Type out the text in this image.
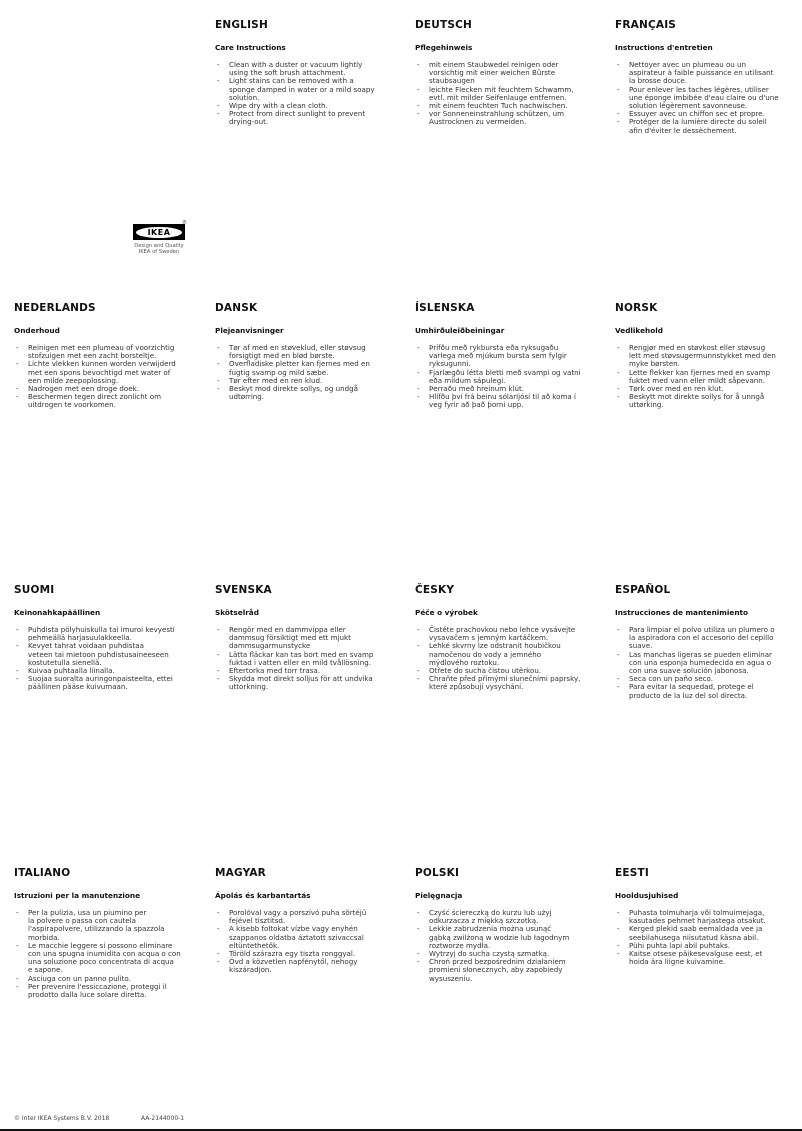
IKEA
®
Design and Quality
IKEA of Sweden
ENGLISH
Care Instructions
- Clean with a duster or vacuum lightly
using the soft brush attachment.
- Light stains can be removed with a
sponge damped in water or a mild soapy
solution.
- Wipe dry with a clean cloth.
- Protect from direct sunlight to prevent
drying-out.
DEUTSCH
Pflegehinweis
- mit einem Staubwedel reinigen oder
vorsichtig mit einer weichen Bürste
staubsaugen
- leichte Flecken mit feuchtem Schwamm,
evtl. mit milder Seifenlauge entfernen.
- mit einem feuchten Tuch nachwischen.
- vor Sonneneinstrahlung schützen, um
Austrocknen zu vermeiden.
FRANÇAIS
Instructions d'entretien
- Nettoyer avec un plumeau ou un
aspirateur à faible puissance en utilisant
la brosse douce.
- Pour enlever les taches légères, utiliser
une éponge imbibée d'eau claire ou d'une
solution légèrement savonneuse.
- Essuyer avec un chiffon sec et propre.
- Protéger de la lumière directe du soleil
afin d'éviter le dessèchement.
NEDERLANDS
Onderhoud
- Reinigen met een plumeau of voorzichtig
stofzuigen met een zacht borsteltje.
- Lichte vlekken kunnen worden verwijderd
met een spons bevochtigd met water of
een milde zeepoplossing.
- Nadrogen met een droge doek.
- Beschermen tegen direct zonlicht om
uitdrogen te voorkomen.
DANSK
Plejeanvisninger
- Tør af med en støveklud, eller støvsug
forsigtigt med en blød børste.
- Overfladiske pletter kan fjernes med en
fugtig svamp og mild sæbe.
- Tør efter med en ren klud.
- Beskyt mod direkte sollys, og undgå
udtørring.
ÍSLENSKA
Umhirðuleiðbeiningar
- Þrífðu með rykbursta eða ryksugaðu
varlega með mjúkum bursta sem fylgir
ryksugunni.
- Fjarlægðu létta bletti með svampi og vatni
eða mildum sápulegi.
- Þerraðu með hreinum klút.
- Hlífðu því frá beinu sólarljósi til að koma í
veg fyrir að það þorni upp.
NORSK
Vedlikehold
- Rengjør med en støvkost eller støvsug
lett med støvsugermunnstykket med den
myke børsten.
- Lette flekker kan fjernes med en svamp
fuktet med vann eller mildt såpevann.
- Tørk over med en ren klut.
- Beskytt mot direkte sollys for å unngå
uttørking.
SUOMI
Keinonahkapäällinen
- Puhdista pölyhuiskulla tai imuroi kevyesti
pehmeällä harjasuulakkeella.
- Kevyet tahrat voidaan puhdistaa
veteen tai mietoon puhdistusaineeseen
kostutetulla sienellä.
- Kuivaa puhtaalla liinalla.
- Suojaa suoralta auringonpaisteelta, ettei
päällinen pääse kuivumaan.
SVENSKA
Skötselråd
- Rengör med en dammvippa eller
dammsug försiktigt med ett mjukt
dammsugarmunstycke
- Lätta fläckar kan tas bort med en svamp
fuktad i vatten eller en mild tvållösning.
- Eftertorka med torr trasa.
- Skydda mot direkt solljus för att undvika
uttorkning.
ČESKY
Péče o výrobek
- Čistěte prachovkou nebo lehce vysávejte
vysavačem s jemným kartáčkem.
- Lehké skvrny lze odstranit houbičkou
namočenou do vody a jemného
mýdlového roztoku.
- Otřete do sucha čistou utěrkou.
- Chraňte před přímými slunečními paprsky,
které způsobují vysychání.
ESPAÑOL
Instrucciones de mantenimiento
- Para limpiar el polvo utiliza un plumero o
la aspiradora con el accesorio del cepillo
suave.
- Las manchas ligeras se pueden eliminar
con una esponja humedecida en agua o
con una suave solución jabonosa.
- Seca con un paño seco.
- Para evitar la sequedad, protege el
producto de la luz del sol directa.
ITALIANO
Istruzioni per la manutenzione
- Per la pulizia, usa un piumino per
la polvere o passa con cautela
l'aspirapolvere, utilizzando la spazzola
morbida.
- Le macchie leggere si possono eliminare
con una spugna inumidita con acqua o con
una soluzione poco concentrata di acqua
e sapone.
- Asciuga con un panno pulito.
- Per prevenire l'essiccazione, proteggi il
prodotto dalla luce solare diretta.
MAGYAR
Ápolás és karbantartás
- Porolóval vagy a porszívó puha sörtéjű
fejével tisztítsd.
- A kisebb foltokat vízbe vagy enyhén
szappanos oldatba áztatott szivaccsal
eltüntethetők.
- Töröld szárazra egy tiszta ronggyal.
- Óvd a közvetlen napfénytől, nehogy
kiszáradjon.
POLSKI
Pielęgnacja
- Czyść ściereczką do kurzu lub użyj
odkurzacza z miękką szczotką.
- Lekkie zabrudzenia można usunąć
gąbką zwilżoną w wodzie lub łagodnym
roztworze mydła.
- Wytrzyj do sucha czystą szmatką.
- Chroń przed bezpośrednim działaniem
promieni słonecznych, aby zapobiedy
wysuszeniu.
EESTI
Hooldusjuhised
- Puhasta tolmuharja või tolmuimejaga,
kasutades pehmet harjastega otsakut.
- Kerged plekid saab eemaldada vee ja
seebilahusega niisutatud käsna abil.
- Pühi puhta lapi abil puhtaks.
- Kaitse otsese päikesevalguse eest, et
hoida ära liigne kuivamine.
© Inter IKEA Systems B.V. 2018	AA-2144000-1
